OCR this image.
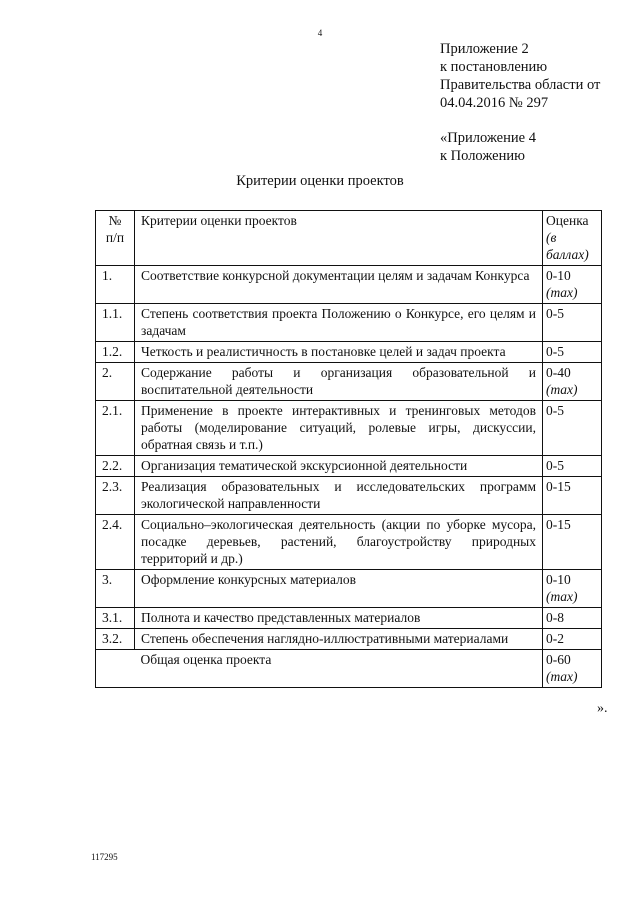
4
Приложение 2
к постановлению
Правительства области от
04.04.2016 № 297
«Приложение 4
к Положению
Критерии оценки проектов
№ п/п	Критерии оценки проектов	Оценка
(в баллах)

1.	Соответствие конкурсной документации целям и задачам Конкурса	0-10
(max)

1.1.	Степень соответствия проекта Положению о Конкурсе, его целям и задачам	0-5
1.2.	Четкость и реалистичность в постановке целей и задач проекта	0-5
2.	Содержание работы и организация образовательной и воспитательной деятельности	0-40
(max)

2.1.	Применение в проекте интерактивных и тренинговых методов работы (моделирование ситуаций, ролевые игры, дискуссии, обратная связь и т.п.)	0-5
2.2.	Организация тематической экскурсионной деятельности	0-5
2.3.	Реализация образовательных и исследовательских программ экологической направленности	0-15
2.4.	Социально–экологическая деятельность (акции по уборке мусора, посадке деревьев, растений, благоустройству природных территорий и др.)	0-15
3.	Оформление конкурсных материалов	0-10
(max)

3.1.	Полнота и качество представленных материалов	0-8
3.2.	Степень обеспечения наглядно-иллюстративными материалами	0-2
	Общая оценка проекта	0-60
(max)
».
117295
